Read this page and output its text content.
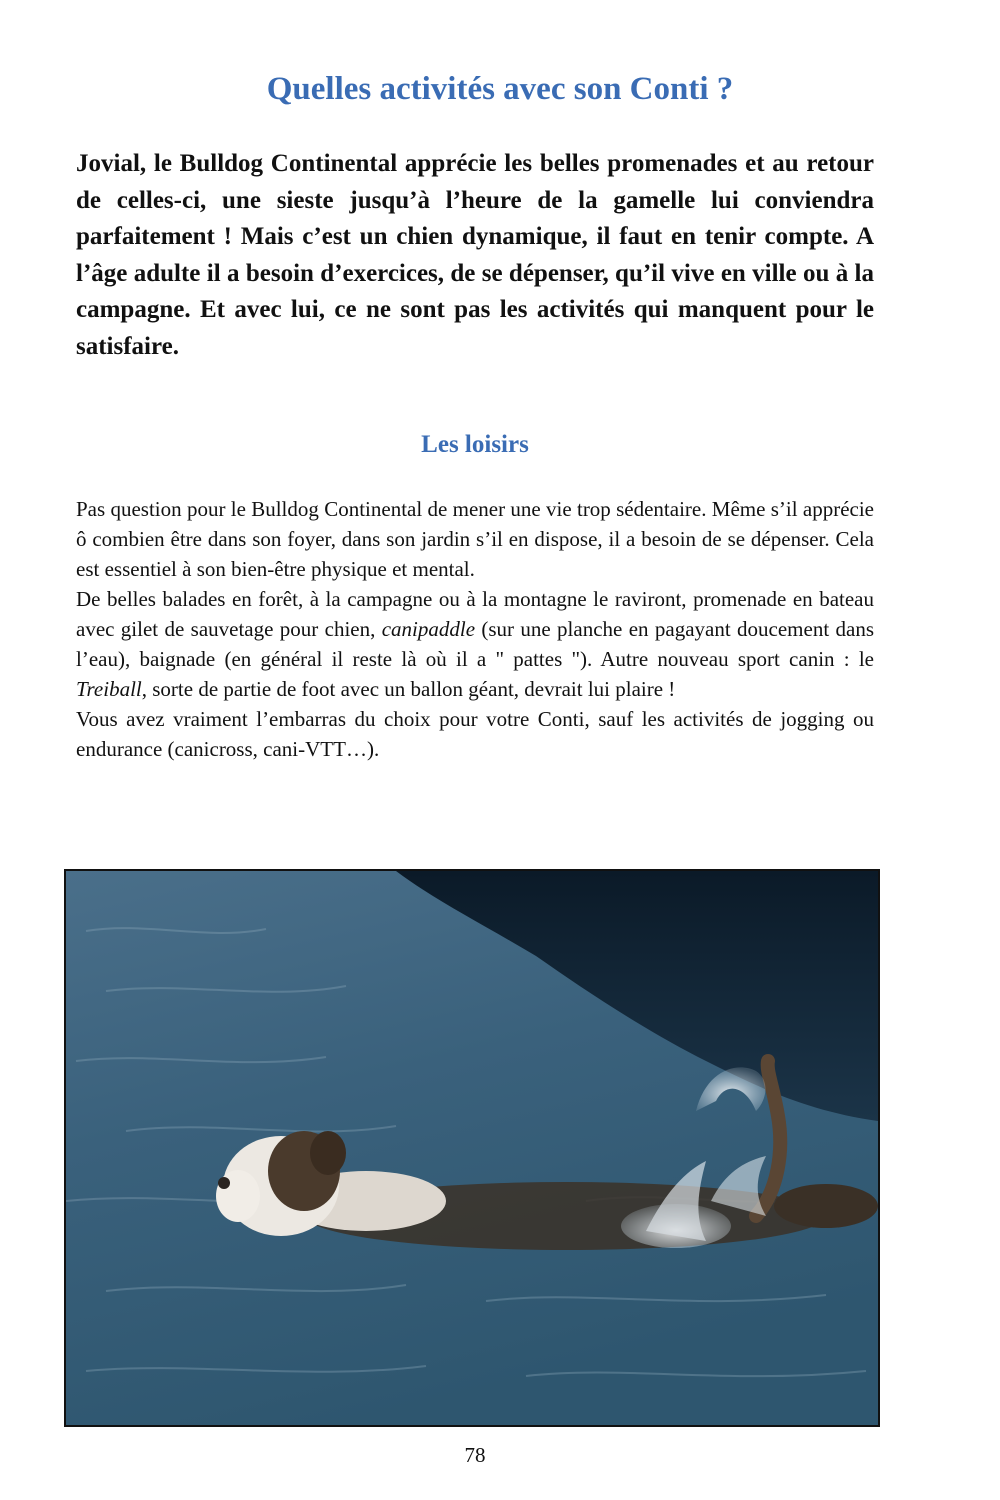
Quelles activités avec son Conti ?

Jovial, le Bulldog Continental apprécie les belles promenades et au retour de celles-ci, une sieste jusqu’à l’heure de la gamelle lui conviendra parfaitement ! Mais c’est un chien dynamique, il faut en tenir compte. A l’âge adulte il a besoin d’exercices, de se dépenser, qu’il vive en ville ou à la campagne. Et avec lui, ce ne sont pas les activités qui manquent pour le satisfaire.

Les loisirs

Pas question pour le Bulldog Continental de mener une vie trop sédentaire. Même s’il apprécie ô combien être dans son foyer, dans son jardin s’il en dispose, il a besoin de se dépenser. Cela est essentiel à son bien-être physique et mental.

De belles balades en forêt, à la campagne ou à la montagne le raviront, promenade en bateau avec gilet de sauvetage pour chien, canipaddle (sur une planche en pagayant doucement dans l’eau), baignade (en général il reste là où il a " pattes "). Autre nouveau sport canin : le Treiball, sorte de partie de foot avec un ballon géant, devrait lui plaire !

Vous avez vraiment l’embarras du choix pour votre Conti, sauf les activités de jogging ou endurance (canicross, cani-VTT…).

78
